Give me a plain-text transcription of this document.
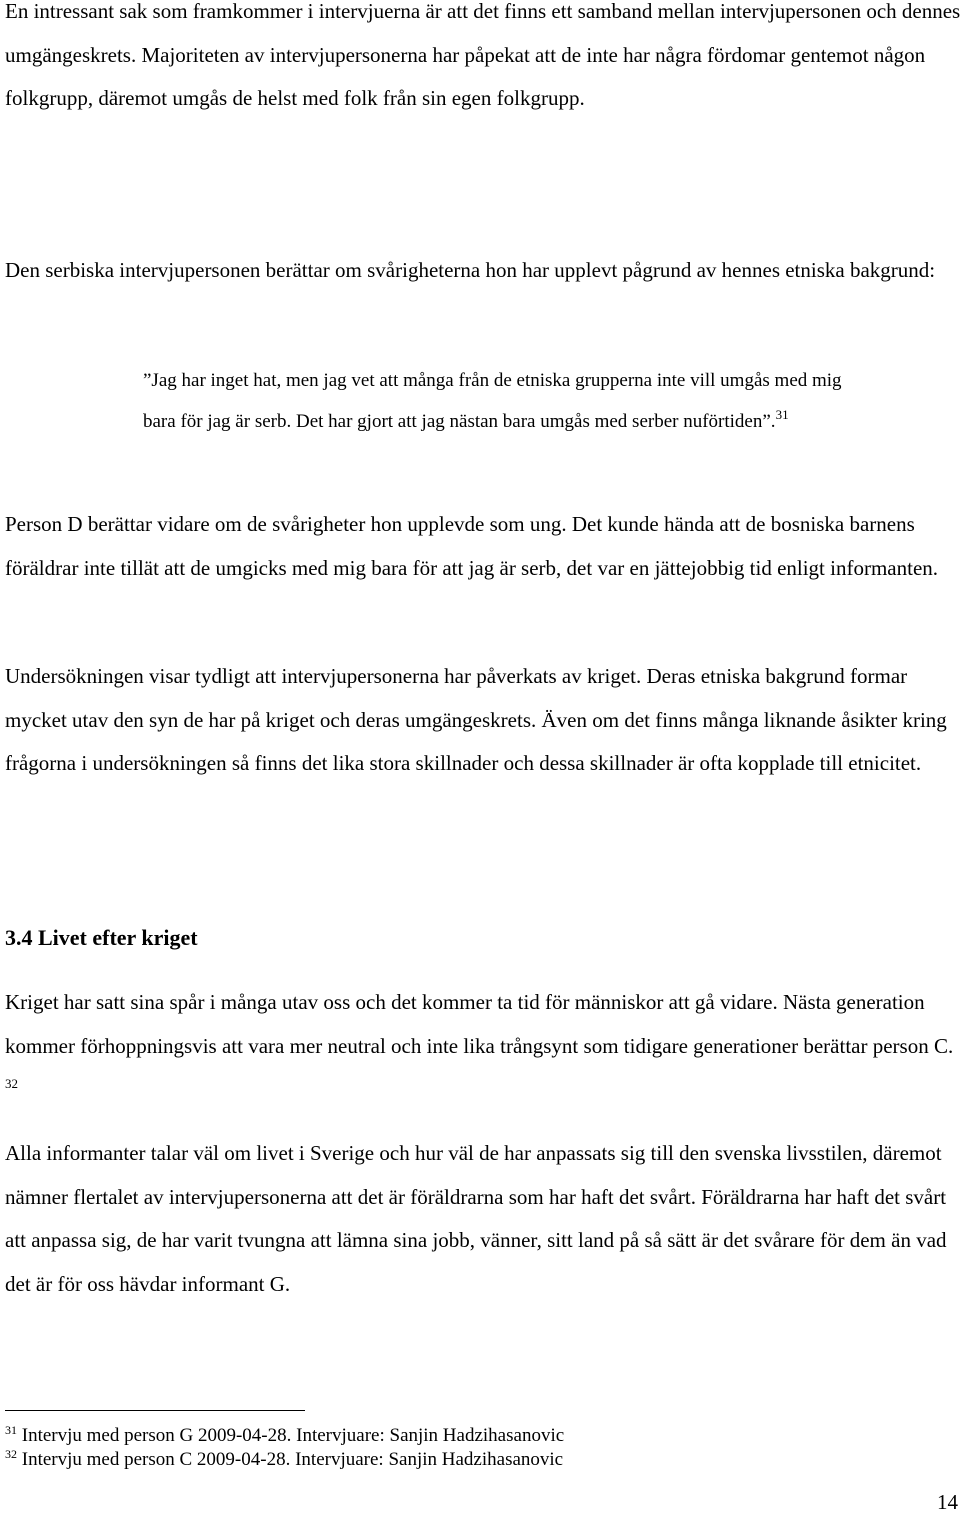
En intressant sak som framkommer i intervjuerna är att det finns ett samband mellan intervjupersonen och dennes umgängeskrets. Majoriteten av intervjupersonerna har påpekat att de inte har några fördomar gentemot någon folkgrupp, däremot umgås de helst med folk från sin egen folkgrupp.

Den serbiska intervjupersonen berättar om svårigheterna hon har upplevt pågrund av hennes etniska bakgrund:

”Jag har inget hat, men jag vet att många från de etniska grupperna inte vill umgås med mig bara för jag är serb. Det har gjort att jag nästan bara umgås med serber nuförtiden”.$^{31}$

Person D berättar vidare om de svårigheter hon upplevde som ung. Det kunde hända att de bosniska barnens föräldrar inte tillät att de umgicks med mig bara för att jag är serb, det var en jättejobbig tid enligt informanten.

Undersökningen visar tydligt att intervjupersonerna har påverkats av kriget. Deras etniska bakgrund formar mycket utav den syn de har på kriget och deras umgängeskrets. Även om det finns många liknande åsikter kring frågorna i undersökningen så finns det lika stora skillnader och dessa skillnader är ofta kopplade till etnicitet.

3.4 Livet efter kriget

Kriget har satt sina spår i många utav oss och det kommer ta tid för människor att gå vidare. Nästa generation kommer förhoppningsvis att vara mer neutral och inte lika trångsynt som tidigare generationer berättar person C. $^{32}$

Alla informanter talar väl om livet i Sverige och hur väl de har anpassats sig till den svenska livsstilen, däremot nämner flertalet av intervjupersonerna att det är föräldrarna som har haft det svårt. Föräldrarna har haft det svårt att anpassa sig, de har varit tvungna att lämna sina jobb, vänner, sitt land på så sätt är det svårare för dem än vad det är för oss hävdar informant G.

$^{31}$ Intervju med person G 2009-04-28. Intervjuare: Sanjin Hadzihasanovic

$^{32}$ Intervju med person C 2009-04-28. Intervjuare: Sanjin Hadzihasanovic

14
